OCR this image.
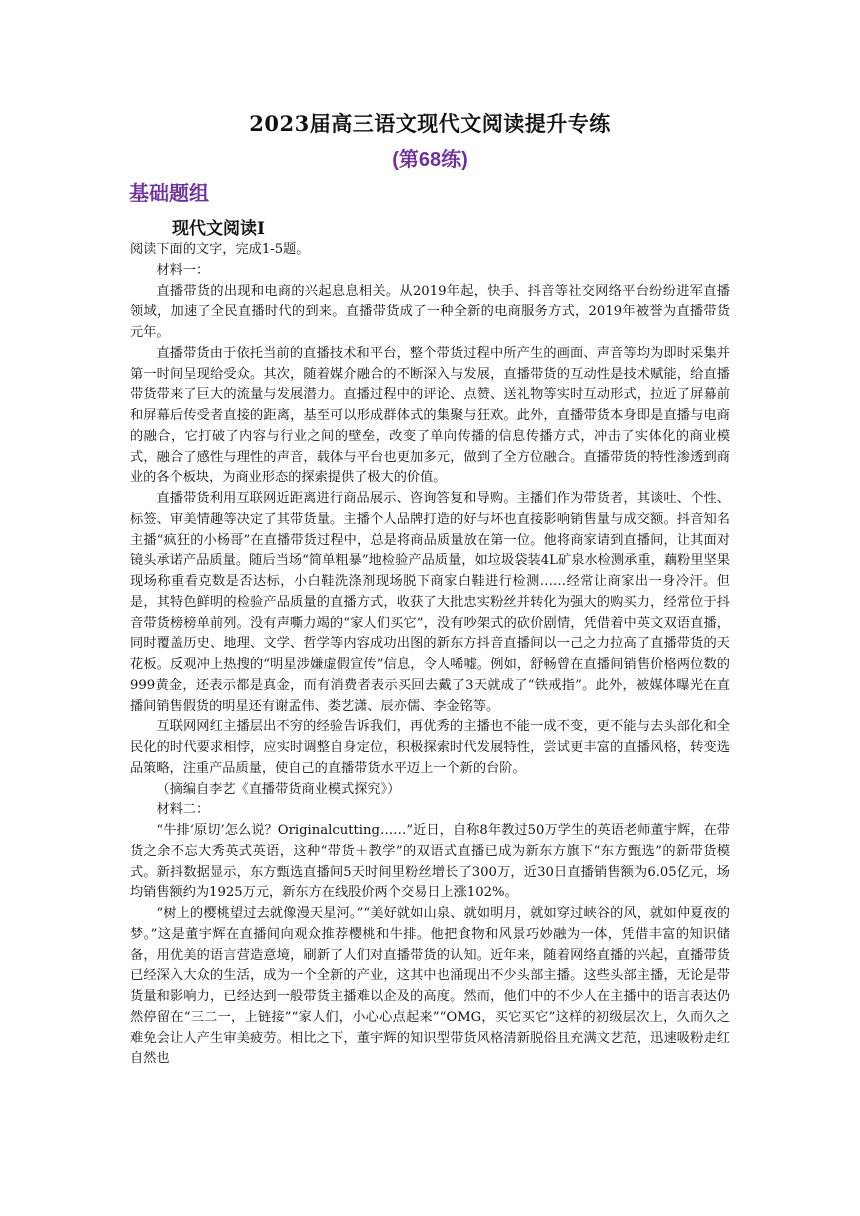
2023届高三语文现代文阅读提升专练
(第68练)
基础题组
现代文阅读Ⅰ

阅读下面的文字，完成1-5题。

材料一：

直播带货的出现和电商的兴起息息相关。从2019年起，快手、抖音等社交网络平台纷纷进军直播领域，加速了全民直播时代的到来。直播带货成了一种全新的电商服务方式，2019年被誉为直播带货元年。

直播带货由于依托当前的直播技术和平台，整个带货过程中所产生的画面、声音等均为即时采集并第一时间呈现给受众。其次，随着媒介融合的不断深入与发展，直播带货的互动性是技术赋能，给直播带货带来了巨大的流量与发展潜力。直播过程中的评论、点赞、送礼物等实时互动形式，拉近了屏幕前和屏幕后传受者直接的距离，基至可以形成群体式的集聚与狂欢。此外，直播带货本身即是直播与电商的融合，它打破了内容与行业之间的壁垒，改变了单向传播的信息传播方式，冲击了实体化的商业模式，融合了感性与理性的声音，载体与平台也更加多元，做到了全方位融合。直播带货的特性渗透到商业的各个板块，为商业形态的探索提供了极大的价值。

直播带货利用互联网近距离进行商品展示、咨询答复和导购。主播们作为带货者，其谈吐、个性、标签、审美情趣等决定了其带货量。主播个人品牌打造的好与坏也直接影响销售量与成交额。抖音知名主播“疯狂的小杨哥”在直播带货过程中，总是将商品质量放在第一位。他将商家请到直播间，让其面对镜头承诺产品质量。随后当场“简单粗暴”地检验产品质量，如垃圾袋装4L矿泉水检测承重，藕粉里坚果现场称重看克数是否达标，小白鞋洗涤剂现场脱下商家白鞋进行检测……经常让商家出一身冷汗。但是，其特色鲜明的检验产品质量的直播方式，收获了大批忠实粉丝并转化为强大的购买力，经常位于抖音带货榜榜单前列。没有声嘶力竭的“家人们买它”，没有吵架式的砍价剧情，凭借着中英文双语直播，同时覆盖历史、地理、文学、哲学等内容成功出图的新东方抖音直播间以一己之力拉高了直播带货的天花板。反观冲上热搜的“明星涉嫌虚假宣传”信息，令人唏嘘。例如，舒畅曾在直播间销售价格两位数的999黄金，还表示都是真金，而有消费者表示买回去戴了3天就成了“铁戒指”。此外，被媒体曝光在直播间销售假货的明星还有谢孟伟、娄艺潇、辰亦儒、李金铭等。

互联网网红主播层出不穷的经验告诉我们，再优秀的主播也不能一成不变，更不能与去头部化和全民化的时代要求相悖，应实时调整自身定位，积极探索时代发展特性，尝试更丰富的直播风格，转变选品策略，注重产品质量，使自己的直播带货水平迈上一个新的台阶。

（摘编自李艺《直播带货商业模式探究》）

材料二：

“牛排‘原切’怎么说？Originalcutting……”近日，自称8年教过50万学生的英语老师董宇辉，在带货之余不忘大秀英式英语，这种“带货＋教学”的双语式直播已成为新东方旗下“东方甄选”的新带货模式。新抖数据显示，东方甄选直播间5天时间里粉丝增长了300万，近30日直播销售额为6.05亿元，场均销售额约为1925万元，新东方在线股价两个交易日上涨102%。

“树上的樱桃望过去就像漫天星河。”“美好就如山泉、就如明月，就如穿过峡谷的风，就如仲夏夜的梦。”这是董宇辉在直播间向观众推荐樱桃和牛排。他把食物和风景巧妙融为一体，凭借丰富的知识储备，用优美的语言营造意境，刷新了人们对直播带货的认知。近年来，随着网络直播的兴起，直播带货已经深入大众的生活，成为一个全新的产业，这其中也涌现出不少头部主播。这些头部主播，无论是带货量和影响力，已经达到一般带货主播难以企及的高度。然而，他们中的不少人在主播中的语言表达仍然停留在“三二一，上链接”“家人们，小心心点起来”“OMG，买它买它”这样的初级层次上，久而久之难免会让人产生审美疲劳。相比之下，董宇辉的知识型带货风格清新脱俗且充满文艺范，迅速吸粉走红自然也
